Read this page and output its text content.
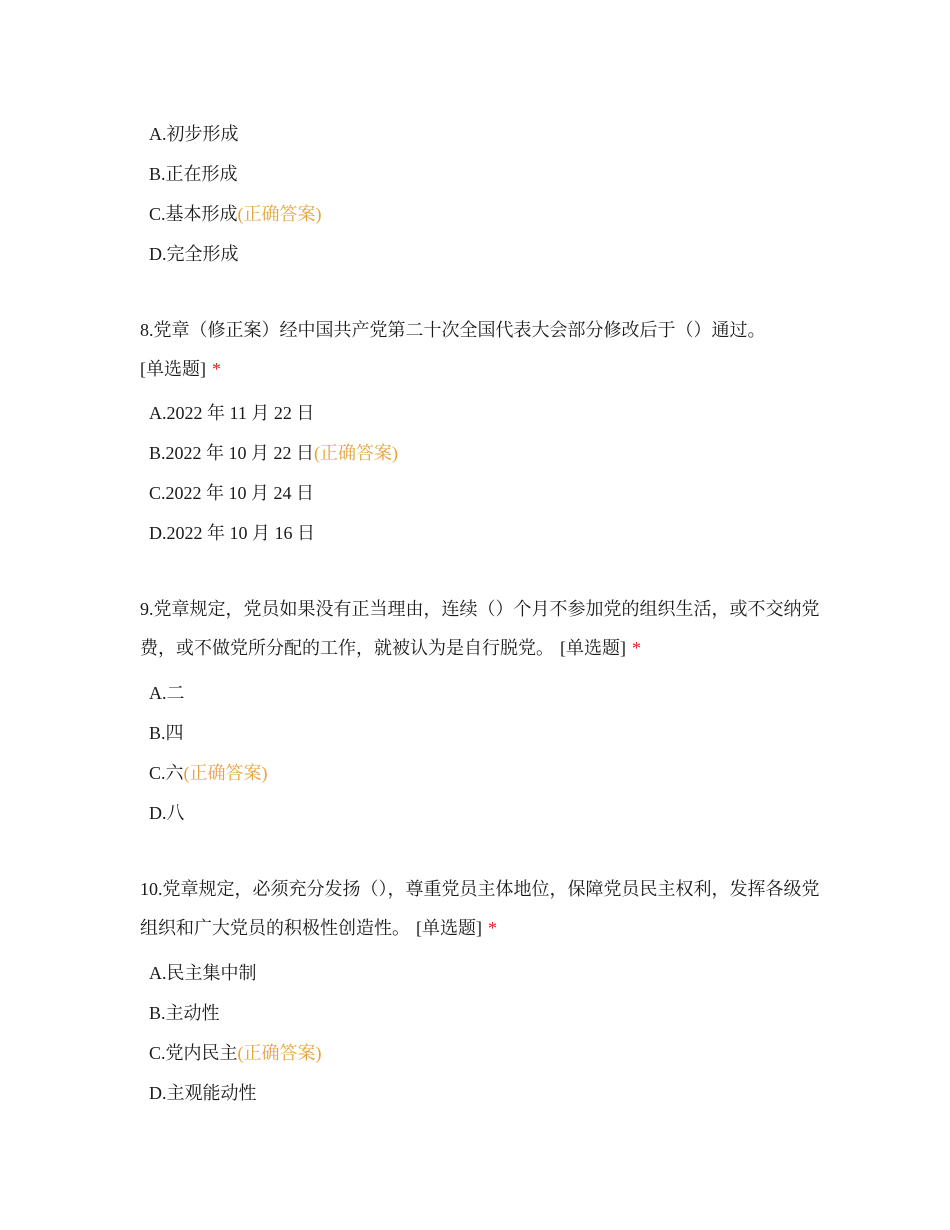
A.初步形成
B.正在形成
C.基本形成(正确答案)
D.完全形成
8.党章（修正案）经中国共产党第二十次全国代表大会部分修改后于（）通过。
[单选题] *
A.2022 年 11 月 22 日
B.2022 年 10 月 22 日(正确答案)
C.2022 年 10 月 24 日
D.2022 年 10 月 16 日
9.党章规定，党员如果没有正当理由，连续（）个月不参加党的组织生活，或不交纳党费，或不做党所分配的工作，就被认为是自行脱党。 [单选题] *
A.二
B.四
C.六(正确答案)
D.八
10.党章规定，必须充分发扬（），尊重党员主体地位，保障党员民主权利，发挥各级党组织和广大党员的积极性创造性。 [单选题] *
A.民主集中制
B.主动性
C.党内民主(正确答案)
D.主观能动性
